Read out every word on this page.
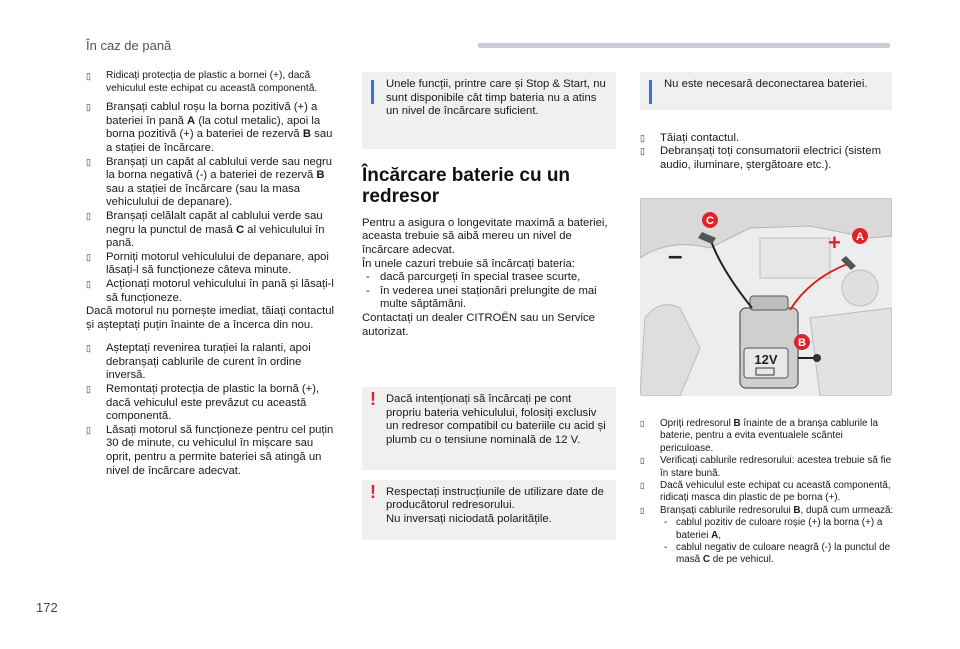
În caz de pană
172

▯ Ridicați protecția de plastic a bornei (+), dacă vehiculul este echipat cu această componentă.

▯ Branșați cablul roșu la borna pozitivă (+) a bateriei în pană A (la cotul metalic), apoi la borna pozitivă (+) a bateriei de rezervă B sau a stației de încărcare.

▯ Branșați un capăt al cablului verde sau negru la borna negativă (-) a bateriei de rezervă B sau a stației de încărcare (sau la masa vehiculului de depanare).

▯ Branșați celălalt capăt al cablului verde sau negru la punctul de masă C al vehiculului în pană.

▯ Porniți motorul vehiculului de depanare, apoi lăsați-l să funcționeze câteva minute.

▯ Acționați motorul vehiculului în pană și lăsați-l să funcționeze.

Dacă motorul nu pornește imediat, tăiați contactul și așteptați puțin înainte de a încerca din nou.

▯ Așteptați revenirea turației la ralanti, apoi debranșați cablurile de curent în ordine inversă.

▯ Remontați protecția de plastic la bornă (+), dacă vehiculul este prevăzut cu această componentă.

▯ Lăsați motorul să funcționeze pentru cel puțin 30 de minute, cu vehiculul în mișcare sau oprit, pentru a permite bateriei să atingă un nivel de încărcare adecvat.

Unele funcții, printre care și Stop & Start, nu sunt disponibile cât timp bateria nu a atins un nivel de încărcare suficient.
Încărcare baterie cu un redresor

Pentru a asigura o longevitate maximă a bateriei, aceasta trebuie să aibă mereu un nivel de încărcare adecvat.

În unele cazuri trebuie să încărcați bateria:

- dacă parcurgeți în special trasee scurte,

- în vederea unei staționări prelungite de mai multe săptămâni.

Contactați un dealer CITROËN sau un Service autorizat.

! Dacă intenționați să încărcați pe cont propriu bateria vehiculului, folosiți exclusiv un redresor compatibil cu bateriile cu acid și plumb cu o tensiune nominală de 12 V.
! Respectați instrucțiunile de utilizare date de producătorul redresorului.
Nu inversați niciodată polaritățile.
Nu este necesară deconectarea bateriei.

▯ Tăiați contactul.

▯ Debranșați toți consumatorii electrici (sistem audio, iluminare, ștergătoare etc.).

12V
+
–
C
A
B

▯ Opriți redresorul B înainte de a branșa cablurile la baterie, pentru a evita eventualele scântei periculoase.

▯ Verificați cablurile redresorului: acestea trebuie să fie în stare bună.

▯ Dacă vehiculul este echipat cu această componentă, ridicați masca din plastic de pe borna (+).

▯ Branșați cablurile redresorului B, după cum urmează:

- cablul pozitiv de culoare roșie (+) la borna (+) a bateriei A,

- cablul negativ de culoare neagră (-) la punctul de masă C de pe vehicul.
